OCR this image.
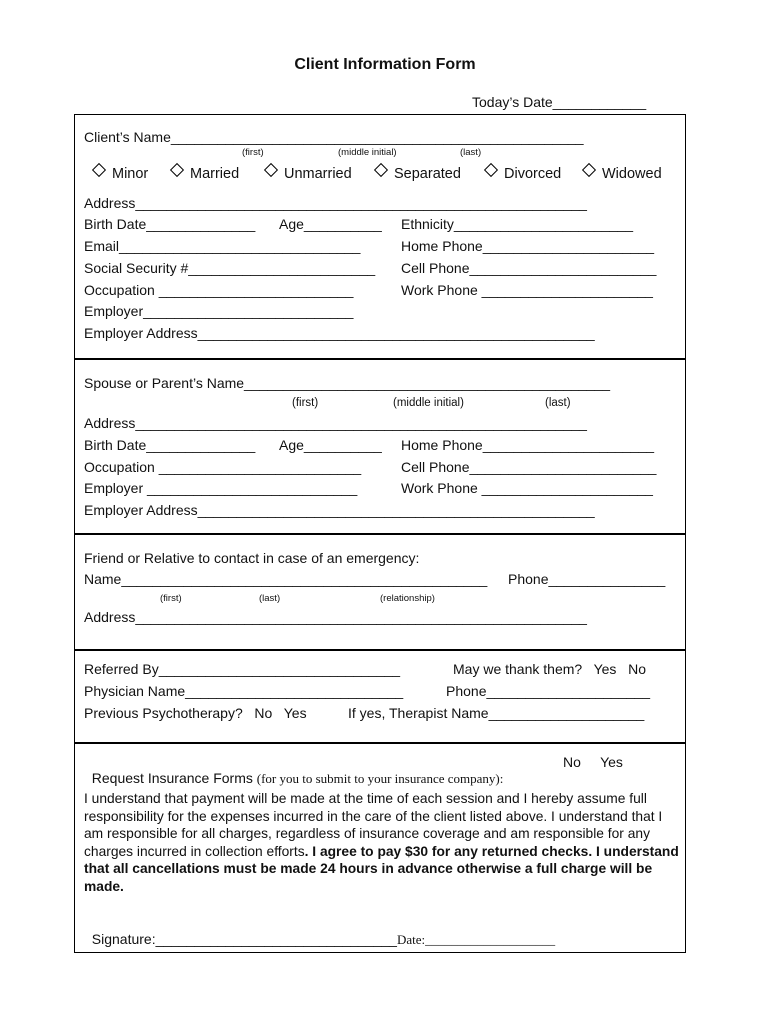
Client Information Form
Today’s Date____________
Client’s Name_____________________________________________________
(first)	(middle initial)	(last)
Minor	Married	Unmarried	Separated	Divorced	Widowed
Address__________________________________________________________
Birth Date______________ Age__________ Ethnicity_______________________
Email_______________________________	Home Phone______________________
Social Security #________________________ Cell Phone________________________
Occupation _________________________	Work Phone ______________________
Employer___________________________
Employer Address___________________________________________________
Spouse or Parent’s Name_______________________________________________
(first)	(middle initial)	(last)
Address__________________________________________________________
Birth Date______________ Age__________ Home Phone______________________
Occupation __________________________	Cell Phone________________________
Employer ___________________________	Work Phone ______________________
Employer Address___________________________________________________
Friend or Relative to contact in case of an emergency:
Name_______________________________________________ Phone_______________
(first)	(last)	(relationship)
Address__________________________________________________________
Referred By_______________________________	May we thank them?   Yes   No
Physician Name____________________________	Phone_____________________
Previous Psychotherapy?   No   Yes	If yes, Therapist Name____________________

Request Insurance Forms (for you to submit to your insurance company):

No     Yes
I understand that payment will be made at the time of each session and I hereby assume full responsibility for the expenses incurred in the care of the client listed above. I understand that I am responsible for all charges, regardless of insurance coverage and am responsible for any charges incurred in collection efforts. I agree to pay $30 for any returned checks. I understand that all cancellations must be made 24 hours in advance otherwise a full charge will be made.

Signature:_______________________________Date:____________________
